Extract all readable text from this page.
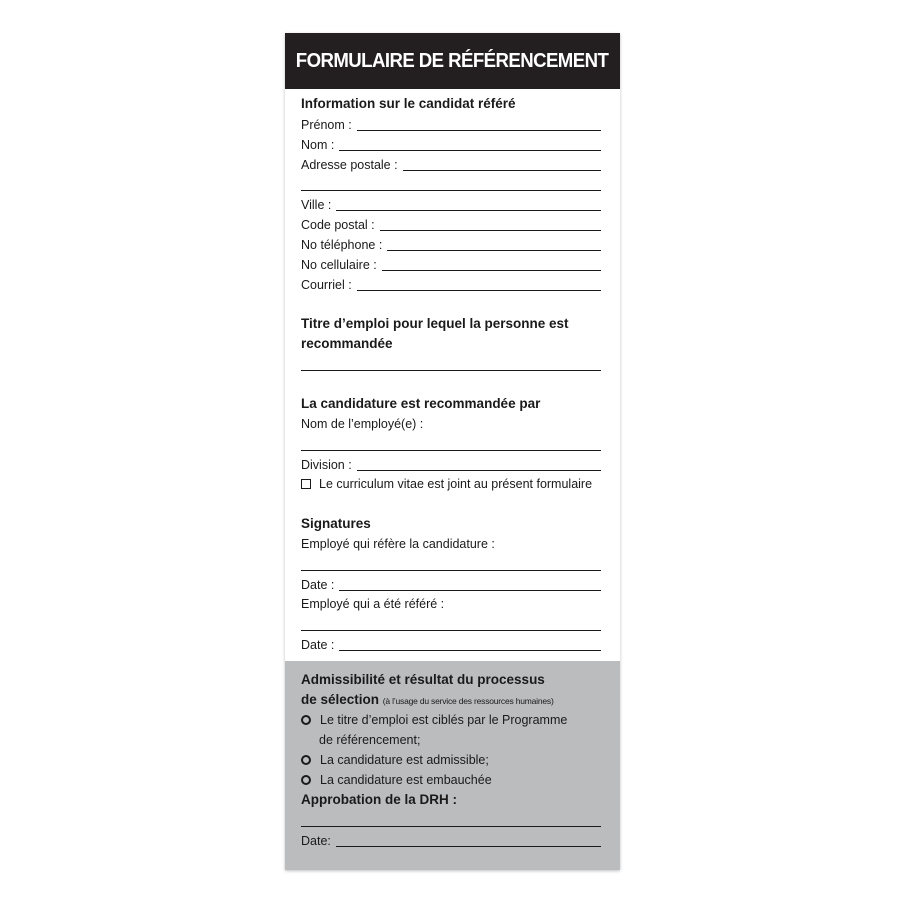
FORMULAIRE DE RÉFÉRENCEMENT
Information sur le candidat référé
Prénom :
Nom :
Adresse postale :
Ville :
Code postal :
No téléphone :
No cellulaire :
Courriel :
Titre d’emploi pour lequel la personne est
recommandée
La candidature est recommandée par
Nom de l’employé(e) :
Division :
Le curriculum vitae est joint au présent formulaire
Signatures
Employé qui réfère la candidature :
Date :
Employé qui a été référé :
Date :
Admissibilité et résultat du processus
de sélection (à l’usage du service des ressources humaines)
Le titre d’emploi est ciblés par le Programme
de référencement;
La candidature est admissible;
La candidature est embauchée
Approbation de la DRH :
Date:
